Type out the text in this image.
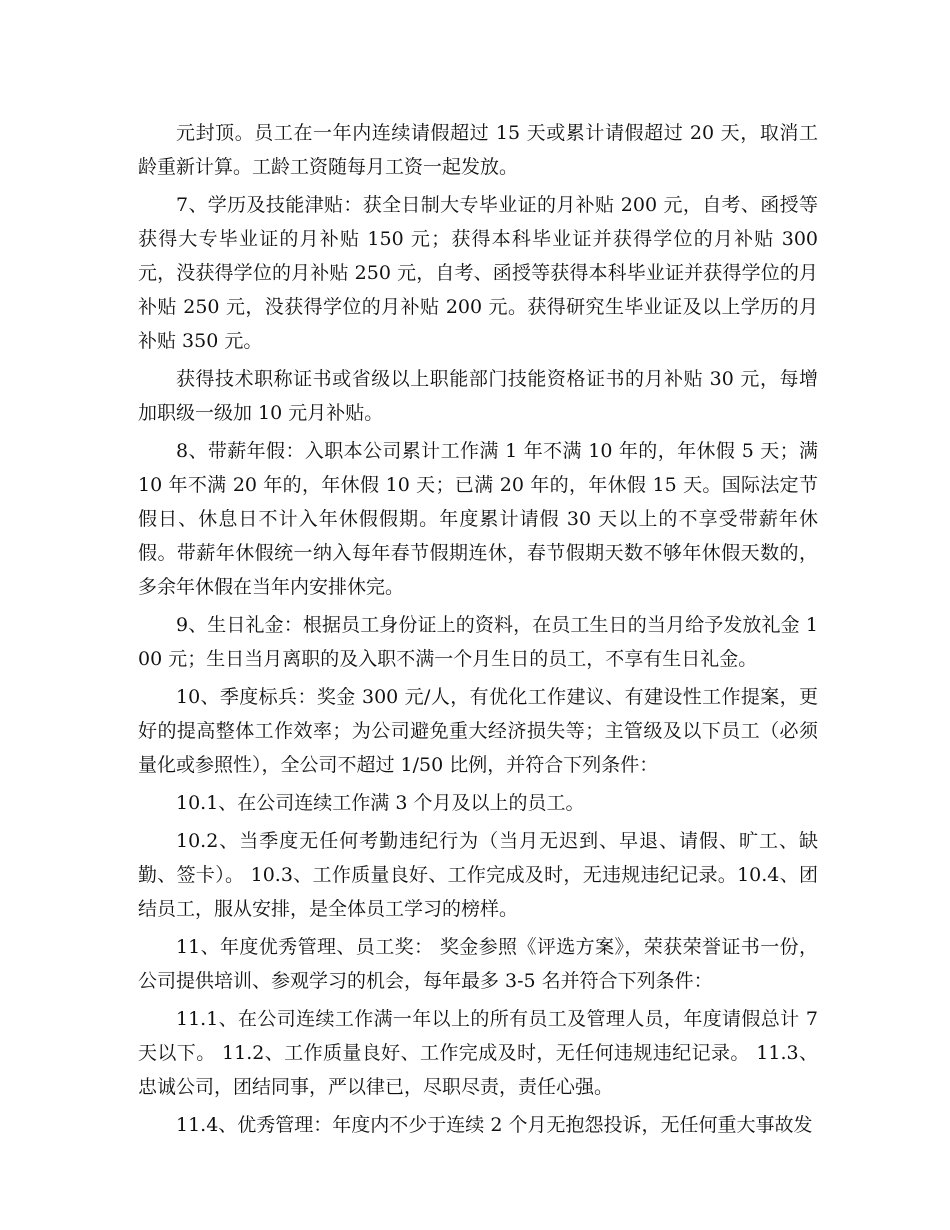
元封顶。员工在一年内连续请假超过 15 天或累计请假超过 20 天，取消工龄重新计算。工龄工资随每月工资一起发放。

7、学历及技能津贴：获全日制大专毕业证的月补贴 200 元，自考、函授等获得大专毕业证的月补贴 150 元；获得本科毕业证并获得学位的月补贴 300 元，没获得学位的月补贴 250 元，自考、函授等获得本科毕业证并获得学位的月补贴 250 元，没获得学位的月补贴 200 元。获得研究生毕业证及以上学历的月补贴 350 元。

获得技术职称证书或省级以上职能部门技能资格证书的月补贴 30 元，每增加职级一级加 10 元月补贴。

8、带薪年假：入职本公司累计工作满 1 年不满 10 年的，年休假 5 天；满 10 年不满 20 年的，年休假 10 天；已满 20 年的，年休假 15 天。国际法定节假日、休息日不计入年休假假期。年度累计请假 30 天以上的不享受带薪年休假。带薪年休假统一纳入每年春节假期连休，春节假期天数不够年休假天数的，多余年休假在当年内安排休完。

9、生日礼金：根据员工身份证上的资料，在员工生日的当月给予发放礼金 100 元；生日当月离职的及入职不满一个月生日的员工，不享有生日礼金。

10、季度标兵：奖金 300 元/人，有优化工作建议、有建设性工作提案，更好的提高整体工作效率；为公司避免重大经济损失等；主管级及以下员工（必须量化或参照性），全公司不超过 1/50 比例，并符合下列条件：

10.1、在公司连续工作满 3 个月及以上的员工。

10.2、当季度无任何考勤违纪行为（当月无迟到、早退、请假、旷工、缺勤、签卡）。 10.3、工作质量良好、工作完成及时，无违规违纪记录。10.4、团结员工，服从安排，是全体员工学习的榜样。

11、年度优秀管理、员工奖： 奖金参照《评选方案》，荣获荣誉证书一份，公司提供培训、参观学习的机会，每年最多 3-5 名并符合下列条件：

11.1、在公司连续工作满一年以上的所有员工及管理人员，年度请假总计 7 天以下。 11.2、工作质量良好、工作完成及时，无任何违规违纪记录。 11.3、忠诚公司，团结同事，严以律已，尽职尽责，责任心强。

11.4、优秀管理：年度内不少于连续 2 个月无抱怨投诉，无任何重大事故发
